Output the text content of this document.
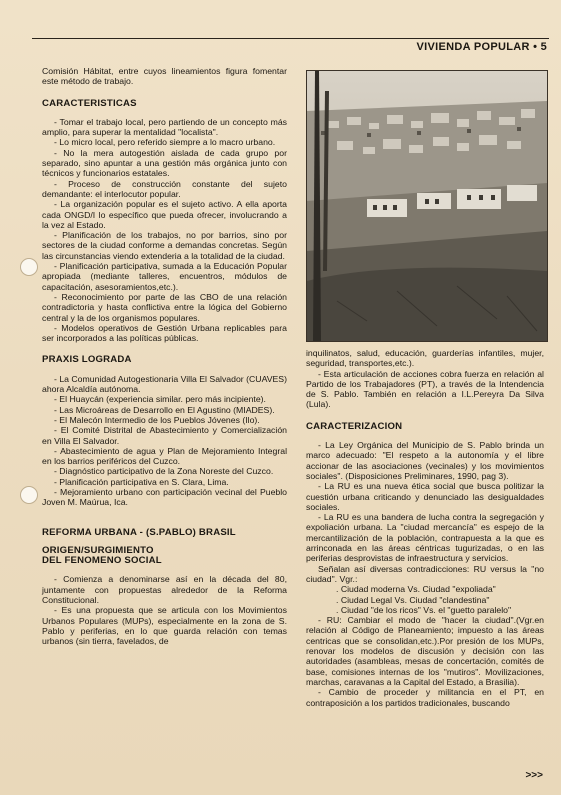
VIVIENDA POPULAR • 5

Comisión Hábitat, entre cuyos lineamientos figura fomentar este método de trabajo.

CARACTERISTICAS

- Tomar el trabajo local, pero partiendo de un concepto más amplio, para superar la mentalidad "localista".

- Lo micro local, pero referido siempre a lo macro urbano.

- No la mera autogestión aislada de cada grupo por separado, sino apuntar a una gestión más orgánica junto con técnicos y funcionarios estatales.

- Proceso de construcción constante del sujeto demandante: el interlocutor popular.

- La organización popular es el sujeto activo. A ella aporta cada ONGD/I lo específico que pueda ofrecer, involucrando a la vez al Estado.

- Planificación de los trabajos, no por barrios, sino por sectores de la ciudad conforme a demandas concretas. Según las circunstancias viendo extenderia a la totalidad de la ciudad.

- Planificación participativa, sumada a la Educación Popular apropiada (mediante talleres, encuentros, módulos de capacitación, asesoramientos,etc.).

- Reconocimiento por parte de las CBO de una relación contradictoria y hasta conflictiva entre la lógica del Gobierno central y la de los organismos populares.

- Modelos operativos de Gestión Urbana replicables para ser incorporados a las políticas públicas.

PRAXIS LOGRADA

- La Comunidad Autogestionaria Villa El Salvador (CUAVES) ahora Alcaldía autónoma.

- El Huaycán (experiencia similar. pero más incipiente).

- Las Microáreas de Desarrollo en El Agustino (MIADES).

- El Malecón Intermedio de los Pueblos Jóvenes (Ilo).

- El Comité Distrital de Abastecimiento y Comercialización en Villa El Salvador.

- Abastecimiento de agua y Plan de Mejoramiento Integral en los barrios periféricos del Cuzco.

- Diagnóstico participativo de la Zona Noreste del Cuzco.

- Planificación participativa en S. Clara, Lima.

- Mejoramiento urbano con participación vecinal del Pueblo Joven M. Maúrua, Ica.

REFORMA URBANA - (S.PABLO) BRASIL

ORIGEN/SURGIMIENTO

DEL FENOMENO SOCIAL

- Comienza a denominarse así en la década del 80, juntamente con propuestas alrededor de la Reforma Constitucional.

- Es una propuesta que se articula con los Movimientos Urbanos Populares (MUPs), especialmente en la zona de S. Pablo y periferias, en lo que guarda relación con temas urbanos (sin tierra, favelados, de

inquilinatos, salud, educación, guarderías infantiles, mujer, seguridad, transportes,etc.).

- Esta articulación de acciones cobra fuerza en relación al Partido de los Trabajadores (PT), a través de la Intendencia de S. Pablo. También en relación a I.L.Pereyra Da Silva (Lula).

CARACTERIZACION

- La Ley Orgánica del Municipio de S. Pablo brinda un marco adecuado: "El respeto a la autonomía y el libre accionar de las asociaciones (vecinales) y los movimientos sociales". (Disposiciones Preliminares, 1990, pag 3).

- La RU es una nueva ética social que busca politizar la cuestión urbana criticando y denunciado las desigualdades sociales.

- La RU es una bandera de lucha contra la segregación y expoliación urbana. La "ciudad mercancía" es espejo de la mercantilización de la población, contrapuesta a la que es arrinconada en las áreas céntricas tugurizadas, o en las periferias desprovistas de infraestructura y servicios.

Señalan así diversas contradicciones: RU versus la "no ciudad". Vgr.:

. Ciudad moderna Vs. Ciudad "expoliada"

. Ciudad Legal Vs. Ciudad "clandestina"

. Ciudad "de los ricos" Vs. el "guetto paralelo"

- RU: Cambiar el modo de "hacer la ciudad".(Vgr.en relación al Código de Planeamiento; impuesto a las áreas centricas que se consolidan,etc.).Por presión de los MUPs, renovar los modelos de discusión y decisión con las autoridades (asambleas, mesas de concertación, comités de base, comisiones internas de los "mutiros". Movilizaciones, marchas, caravanas a la Capital del Estado, a Brasilia).

- Cambio de proceder y militancia en el PT, en contraposición a los partidos tradicionales, buscando

>>>
